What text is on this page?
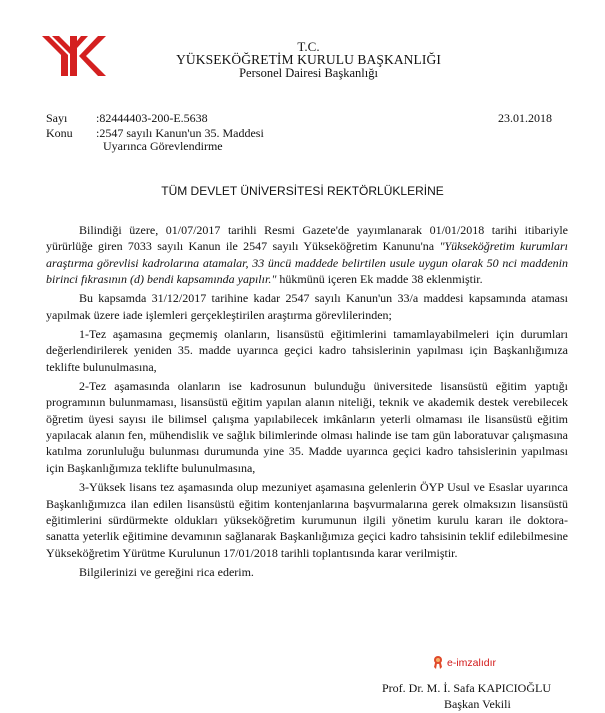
T.C.
YÜKSEKÖĞRETİM KURULU BAŞKANLIĞI
Personel Dairesi Başkanlığı
Sayı :82444403-200-E.5638	23.01.2018
Konu :2547 sayılı Kanun'un 35. Maddesi
Uyarınca Görevlendirme
TÜM DEVLET ÜNİVERSİTESİ REKTÖRLÜKLERİNE

Bilindiği üzere, 01/07/2017 tarihli Resmi Gazete'de yayımlanarak 01/01/2018 tarihi itibariyle yürürlüğe giren 7033 sayılı Kanun ile 2547 sayılı Yükseköğretim Kanunu'na "Yükseköğretim kurumları araştırma görevlisi kadrolarına atamalar, 33 üncü maddede belirtilen usule uygun olarak 50 nci maddenin birinci fıkrasının (d) bendi kapsamında yapılır." hükmünü içeren Ek madde 38 eklenmiştir.

Bu kapsamda 31/12/2017 tarihine kadar 2547 sayılı Kanun'un 33/a maddesi kapsamında ataması yapılmak üzere iade işlemleri gerçekleştirilen araştırma görevlilerinden;

1-Tez aşamasına geçmemiş olanların, lisansüstü eğitimlerini tamamlayabilmeleri için durumları değerlendirilerek yeniden 35. madde uyarınca geçici kadro tahsislerinin yapılması için Başkanlığımıza teklifte bulunulmasına,

2-Tez aşamasında olanların ise kadrosunun bulunduğu üniversitede lisansüstü eğitim yaptığı programının bulunmaması, lisansüstü eğitim yapılan alanın niteliği, teknik ve akademik destek verebilecek öğretim üyesi sayısı ile bilimsel çalışma yapılabilecek imkânların yeterli olmaması ile lisansüstü eğitim yapılacak alanın fen, mühendislik ve sağlık bilimlerinde olması halinde ise tam gün laboratuvar çalışmasına katılma zorunluluğu bulunması durumunda yine 35. Madde uyarınca geçici kadro tahsislerinin yapılması için Başkanlığımıza teklifte bulunulmasına,

3-Yüksek lisans tez aşamasında olup mezuniyet aşamasına gelenlerin ÖYP Usul ve Esaslar uyarınca Başkanlığımızca ilan edilen lisansüstü eğitim kontenjanlarına başvurmalarına gerek olmaksızın lisansüstü eğitimlerini sürdürmekte oldukları yükseköğretim kurumunun ilgili yönetim kurulu kararı ile doktora-sanatta yeterlik eğitimine devamının sağlanarak Başkanlığımıza geçici kadro tahsisinin teklif edilebilmesine Yükseköğretim Yürütme Kurulunun 17/01/2018 tarihli toplantısında karar verilmiştir.

Bilgilerinizi ve gereğini rica ederim.

e-imzalıdır
Prof. Dr. M. İ. Safa KAPICIOĞLU
Başkan Vekili
